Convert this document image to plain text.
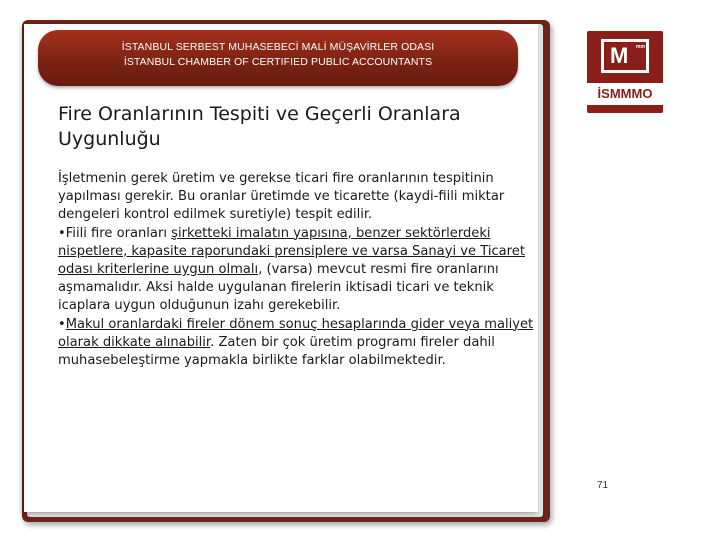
İSTANBUL SERBEST MUHASEBECİ MALİ MÜŞAVİRLER ODASI
İSTANBUL CHAMBER OF CERTIFIED PUBLIC ACCOUNTANTS	M mm
İSMMMO
Fire Oranlarının Tespiti ve Geçerli Oranlara Uygunluğu

İşletmenin gerek üretim ve gerekse ticari fire oranlarının tespitinin yapılması gerekir. Bu oranlar üretimde ve ticarette (kaydi-fiili miktar dengeleri kontrol edilmek suretiyle) tespit edilir.

•Fiili fire oranları şirketteki imalatın yapısına, benzer sektörlerdeki nispetlere, kapasite raporundaki prensiplere ve varsa Sanayi ve Ticaret odası kriterlerine uygun olmalı, (varsa) mevcut resmi fire oranlarını aşmamalıdır. Aksi halde uygulanan firelerin iktisadi ticari ve teknik icaplara uygun olduğunun izahı gerekebilir.

•Makul oranlardaki fireler dönem sonuç hesaplarında gider veya maliyet olarak dikkate alınabilir. Zaten bir çok üretim programı fireler dahil muhasebeleştirme yapmakla birlikte farklar olabilmektedir.

71
